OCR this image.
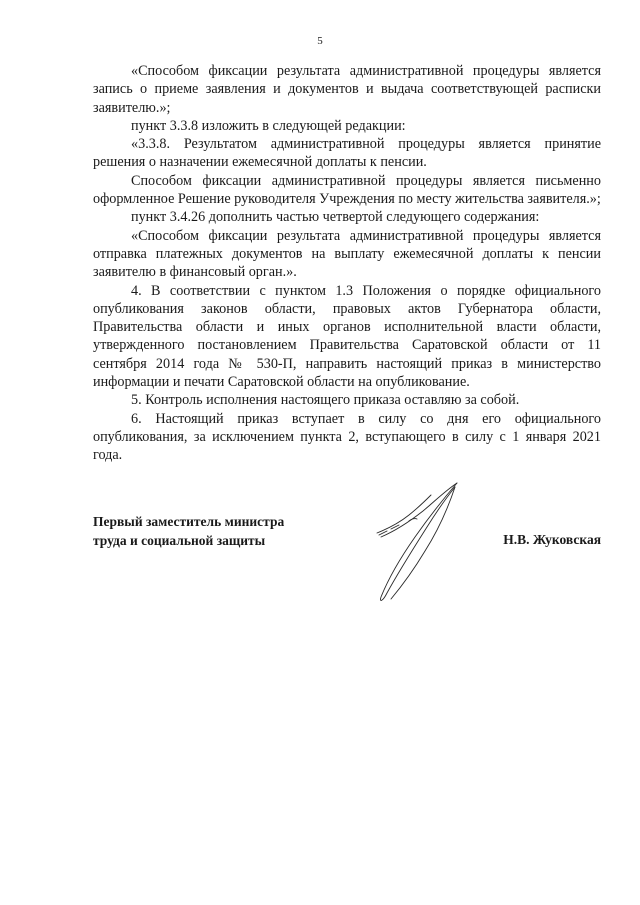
5

«Способом фиксации результата административной процедуры является запись о приеме заявления и документов и выдача соответствующей расписки заявителю.»;

пункт 3.3.8 изложить в следующей редакции:

«3.3.8. Результатом административной процедуры является принятие решения о назначении ежемесячной доплаты к пенсии.

Способом фиксации административной процедуры является письменно оформленное Решение руководителя Учреждения по месту жительства заявителя.»;

пункт 3.4.26 дополнить частью четвертой следующего содержания:

«Способом фиксации результата административной процедуры является отправка платежных документов на выплату ежемесячной доплаты к пенсии заявителю в финансовый орган.».

4. В соответствии с пунктом 1.3 Положения о порядке официального опубликования законов области, правовых актов Губернатора области, Правительства области и иных органов исполнительной власти области, утвержденного постановлением Правительства Саратовской области от 11 сентября 2014 года № 530-П, направить настоящий приказ в министерство информации и печати Саратовской области на опубликование.

5. Контроль исполнения настоящего приказа оставляю за собой.

6. Настоящий приказ вступает в силу со дня его официального опубликования, за исключением пункта 2, вступающего в силу с 1 января 2021 года.

Первый заместитель министра
труда и социальной защиты	Н.В. Жуковская
